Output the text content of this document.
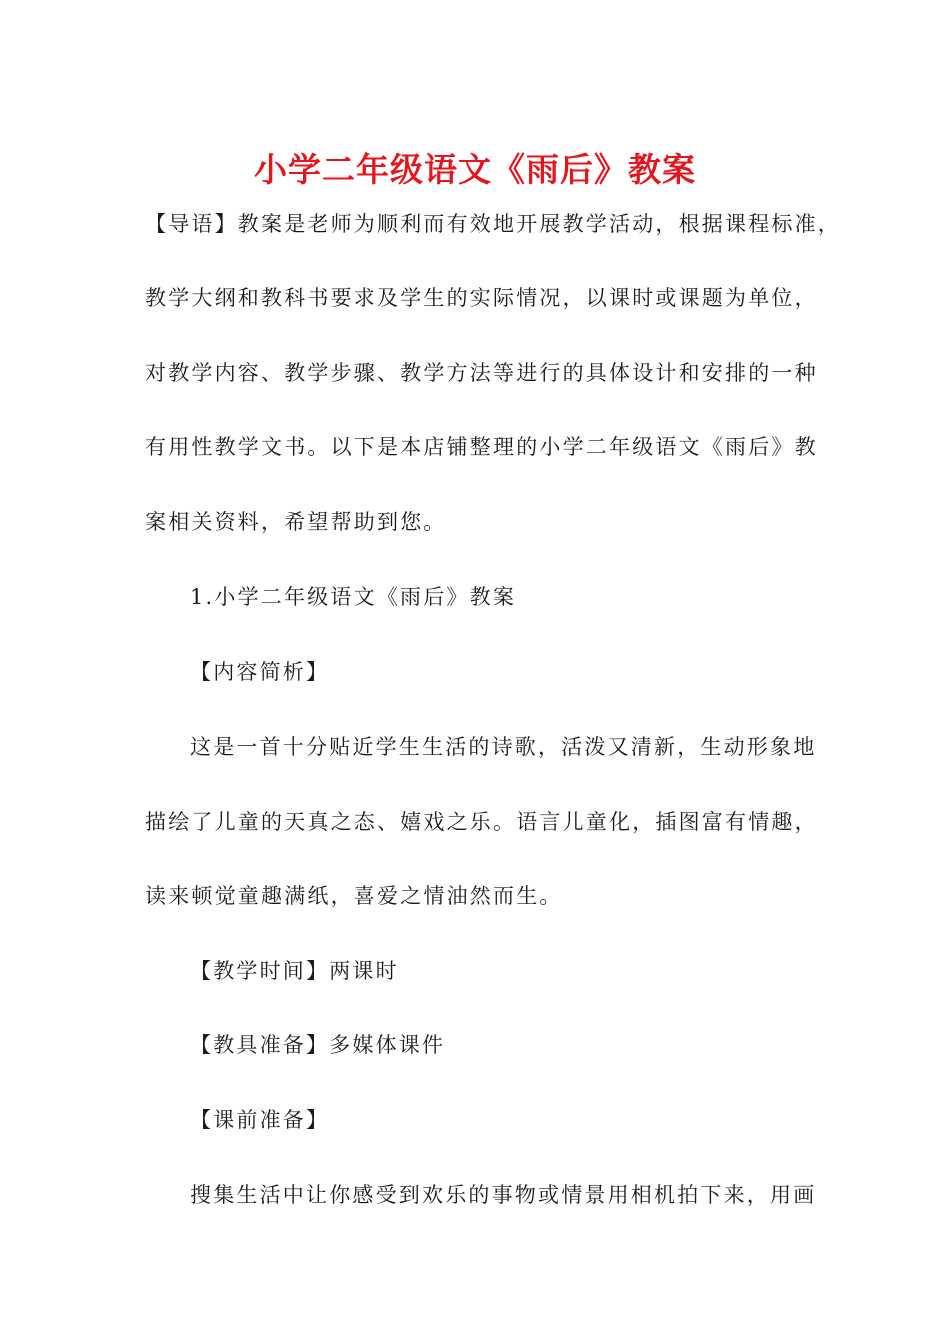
小学二年级语文《雨后》教案
【导语】教案是老师为顺利而有效地开展教学活动，根据课程标准，
教学大纲和教科书要求及学生的实际情况，以课时或课题为单位，
对教学内容、教学步骤、教学方法等进行的具体设计和安排的一种
有用性教学文书。以下是本店铺整理的小学二年级语文《雨后》教
案相关资料，希望帮助到您。
1.小学二年级语文《雨后》教案
【内容简析】
这是一首十分贴近学生生活的诗歌，活泼又清新，生动形象地
描绘了儿童的天真之态、嬉戏之乐。语言儿童化，插图富有情趣，
读来顿觉童趣满纸，喜爱之情油然而生。
【教学时间】两课时
【教具准备】多媒体课件
【课前准备】
搜集生活中让你感受到欢乐的事物或情景用相机拍下来，用画
